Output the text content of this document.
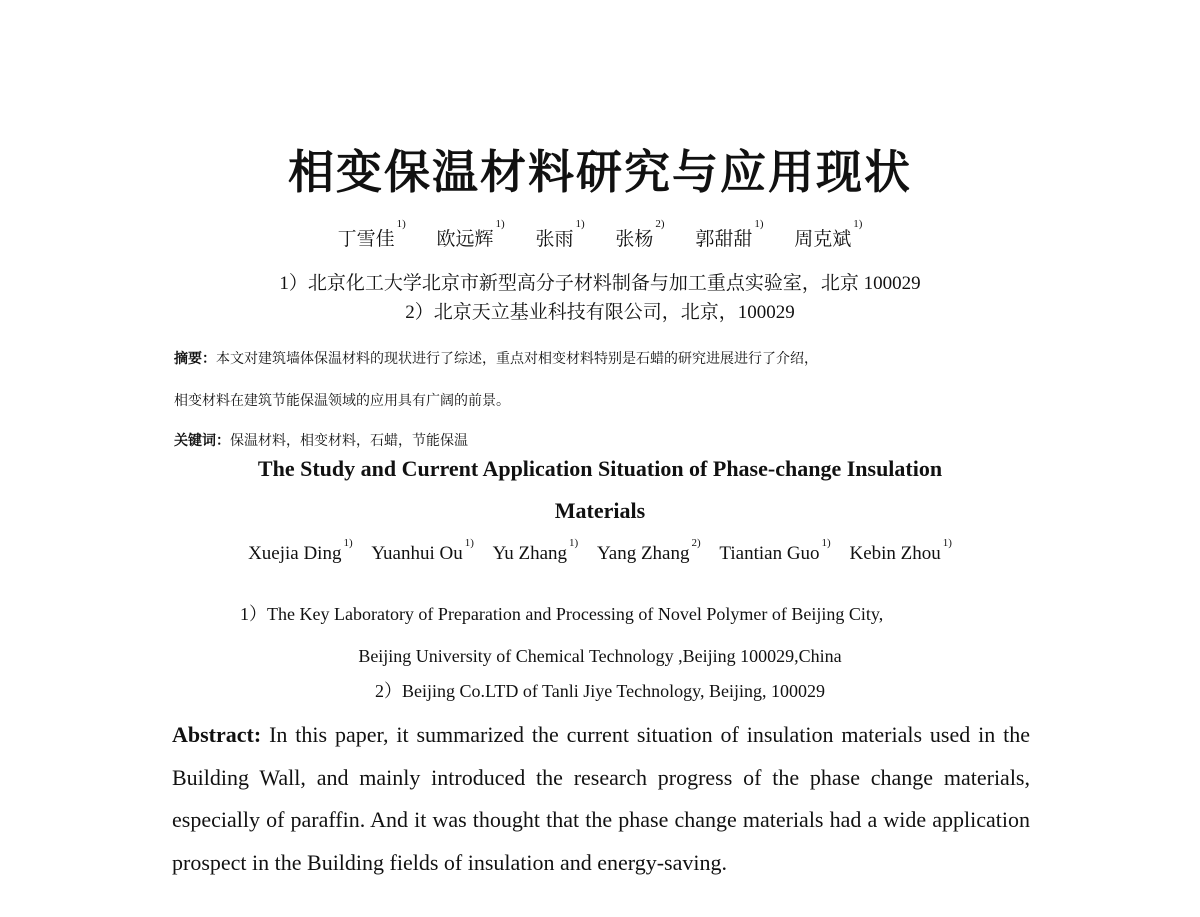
相变保温材料研究与应用现状
丁雪佳$^{1)}$ 欧远辉$^{1)}$ 张雨$^{1)}$ 张杨$^{2)}$ 郭甜甜$^{1)}$ 周克斌$^{1)}$
1）北京化工大学北京市新型高分子材料制备与加工重点实验室，北京 100029
2）北京天立基业科技有限公司，北京，100029
摘要：本文对建筑墙体保温材料的现状进行了综述，重点对相变材料特别是石蜡的研究进展进行了介绍，
相变材料在建筑节能保温领域的应用具有广阔的前景。
关键词：保温材料，相变材料，石蜡，节能保温
The Study and Current Application Situation of Phase-change Insulation
Materials
Xuejia Ding $^{1)}$ Yuanhui Ou $^{1)}$ Yu Zhang $^{1)}$ Yang Zhang $^{2)}$ Tiantian Guo $^{1)}$ Kebin Zhou $^{1)}$
1）The Key Laboratory of Preparation and Processing of Novel Polymer of Beijing City,
Beijing University of Chemical Technology ,Beijing 100029,China
2）Beijing Co.LTD of Tanli Jiye Technology, Beijing, 100029
Abstract: In this paper, it summarized the current situation of insulation materials used in the Building Wall, and mainly introduced the research progress of the phase change materials, especially of paraffin. And it was thought that the phase change materials had a wide application prospect in the Building fields of insulation and energy-saving.
